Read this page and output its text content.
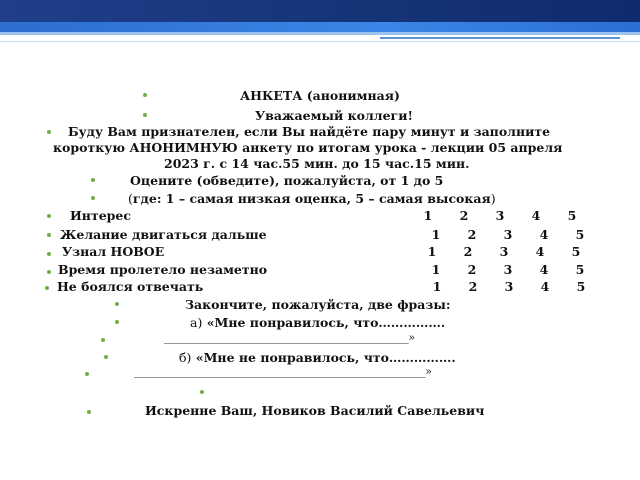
АНКЕТА (анонимная)
Уважаемый коллеги!
Буду Вам признателен, если Вы найдёте пару минут и заполните
короткую АНОНИМНУЮ анкету по итогам урока - лекции 05 апреля
2023 г. с 14 час.55 мин. до 15 час.15 мин.
Оцените (обведите), пожалуйста, от 1 до 5
(где: 1 – самая низкая оценка, 5 – самая высокая)
Интерес	1 2 3 4 5
Желание двигаться дальше	1 2 3 4 5
Узнал НОВОЕ	1 2 3 4 5
Время пролетело незаметно	1 2 3 4 5
Не боялся отвечать	1 2 3 4 5
Закончите, пожалуйста, две фразы:
а) «Мне понравилось, что…………….
_______________________________________________»
б) «Мне не понравилось, что…………….
________________________________________________________»
Искренне Ваш, Новиков Василий Савельевич
